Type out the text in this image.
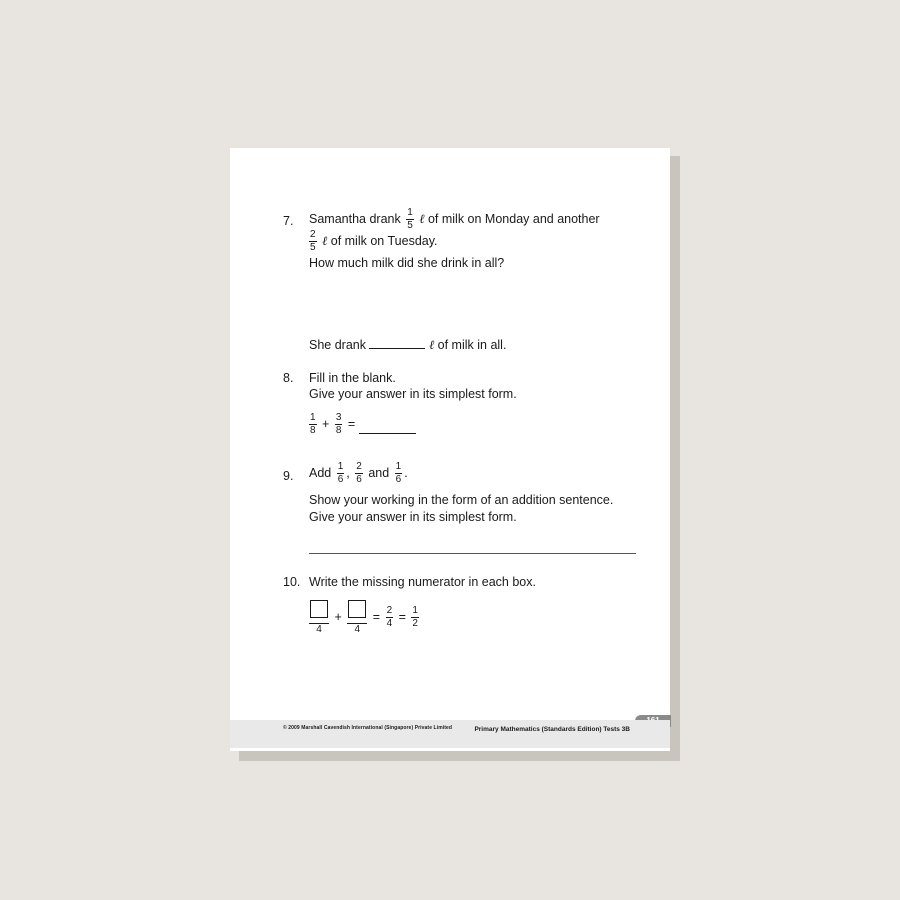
7. Samantha drank $\frac{1}{5}$ ℓ of milk on Monday and another
$\frac{2}{5}$ ℓ of milk on Tuesday.
How much milk did she drink in all?
She drank	ℓ of milk in all.
8. Fill in the blank.
Give your answer in its simplest form.
$\frac{1}{8} + \frac{3}{8}$ =
9. Add $\frac{1}{6}$ , $\frac{2}{6}$ and $\frac{1}{6}$ .
Show your working in the form of an addition sentence.
Give your answer in its simplest form.
10. Write the missing numerator in each box.
4
+
4
= $\frac{2}{4} = \frac{1}{2}$
© 2009 Marshall Cavendish International (Singapore) Private Limited	Primary Mathematics (Standards Edition) Tests 3B
